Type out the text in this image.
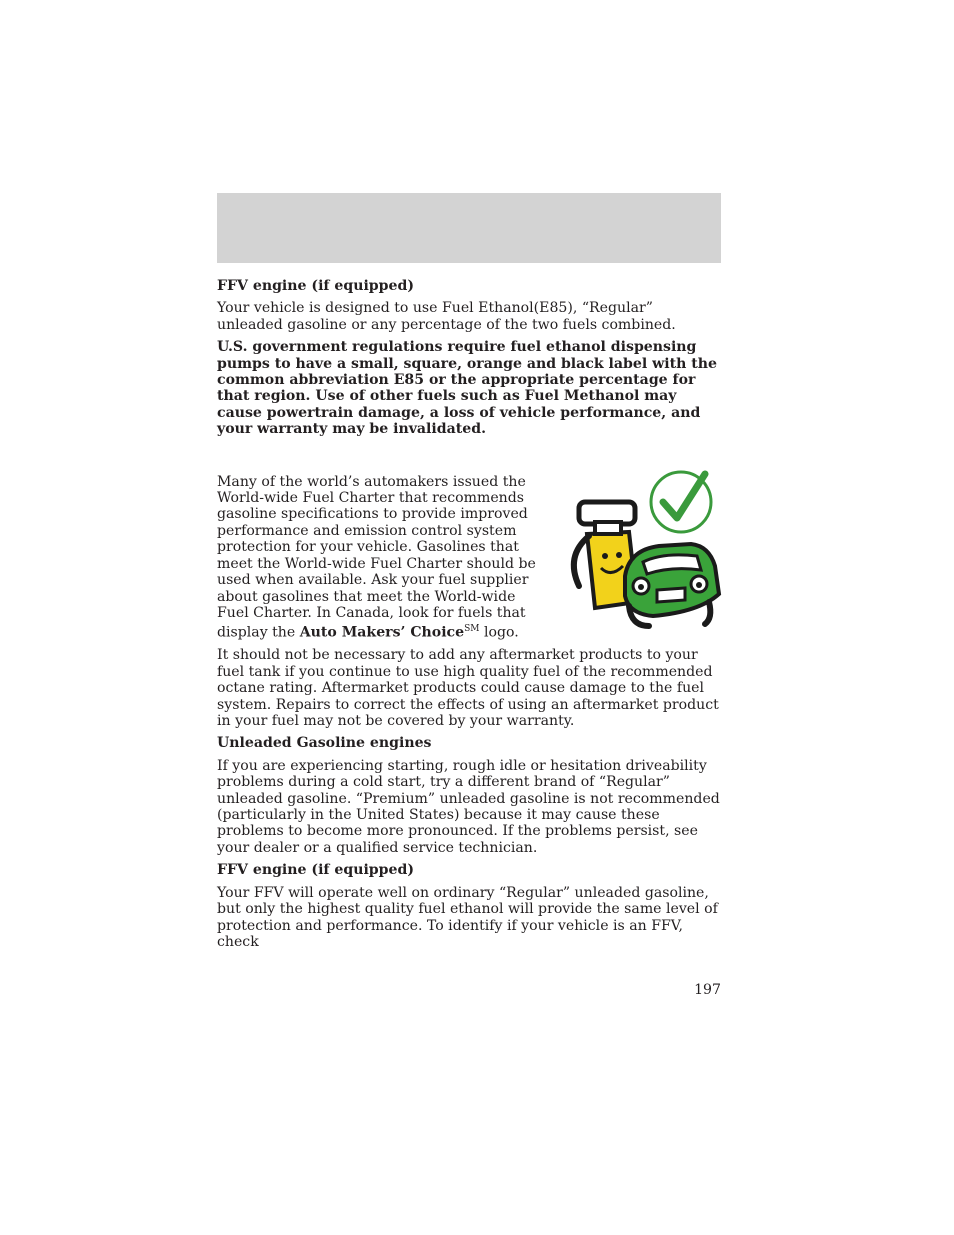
FFV engine (if equipped)

Your vehicle is designed to use Fuel Ethanol(E85), “Regular” unleaded gasoline or any percentage of the two fuels combined.

U.S. government regulations require fuel ethanol dispensing pumps to have a small, square, orange and black label with the common abbreviation E85 or the appropriate percentage for that region. Use of other fuels such as Fuel Methanol may cause powertrain damage, a loss of vehicle performance, and your warranty may be invalidated.

Many of the world’s automakers issued the World-wide Fuel Charter that recommends gasoline specifications to provide improved performance and emission control system protection for your vehicle. Gasolines that meet the World-wide Fuel Charter should be used when available. Ask your fuel supplier about gasolines that meet the World-wide Fuel Charter. In Canada, look for fuels that display the Auto Makers’ Choice℠ logo.

It should not be necessary to add any aftermarket products to your fuel tank if you continue to use high quality fuel of the recommended octane rating. Aftermarket products could cause damage to the fuel system. Repairs to correct the effects of using an aftermarket product in your fuel may not be covered by your warranty.

Unleaded Gasoline engines

If you are experiencing starting, rough idle or hesitation driveability problems during a cold start, try a different brand of “Regular” unleaded gasoline. “Premium” unleaded gasoline is not recommended (particularly in the United States) because it may cause these problems to become more pronounced. If the problems persist, see your dealer or a qualified service technician.

FFV engine (if equipped)

Your FFV will operate well on ordinary “Regular” unleaded gasoline, but only the highest quality fuel ethanol will provide the same level of protection and performance. To identify if your vehicle is an FFV, check

197
